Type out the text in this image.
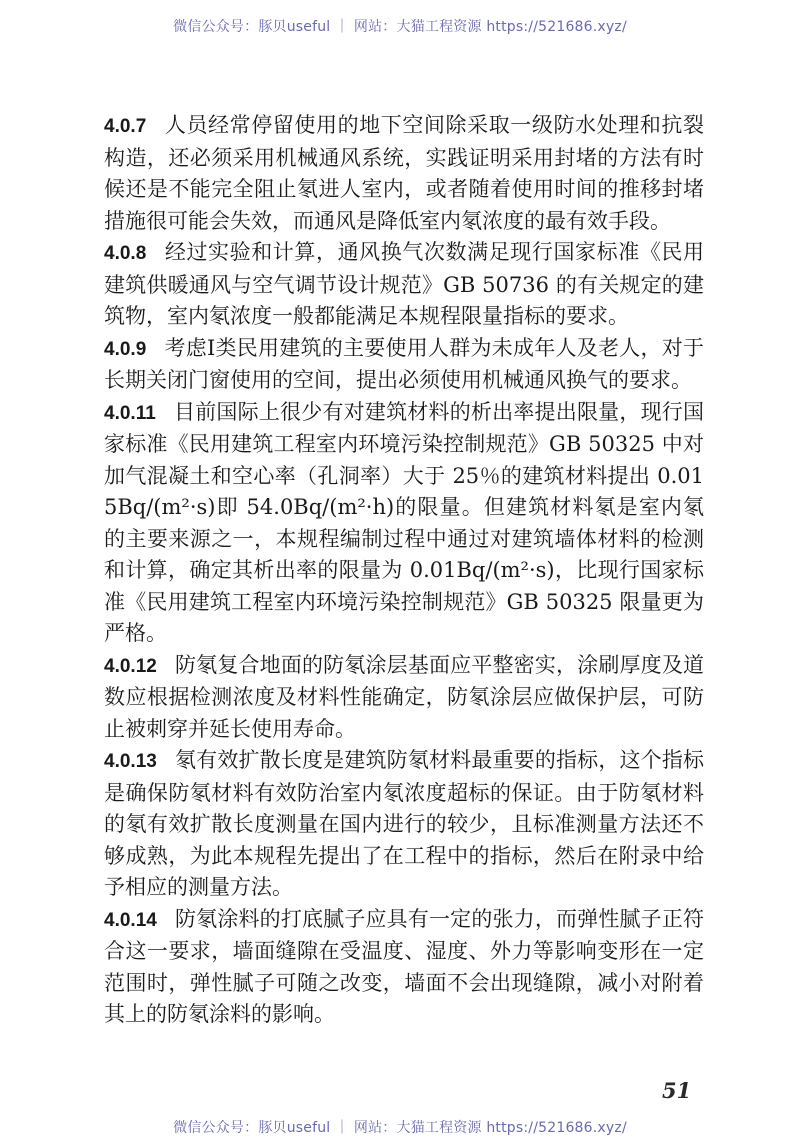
微信公众号：豚贝useful ｜ 网站：大猫工程资源 https://521686.xyz/

4.0.7 人员经常停留使用的地下空间除采取一级防水处理和抗裂构造，还必须采用机械通风系统，实践证明采用封堵的方法有时候还是不能完全阻止氡进人室内，或者随着使用时间的推移封堵措施很可能会失效，而通风是降低室内氡浓度的最有效手段。

4.0.8 经过实验和计算，通风换气次数满足现行国家标准《民用建筑供暖通风与空气调节设计规范》GB 50736 的有关规定的建筑物，室内氡浓度一般都能满足本规程限量指标的要求。

4.0.9 考虑Ⅰ类民用建筑的主要使用人群为未成年人及老人，对于长期关闭门窗使用的空间，提出必须使用机械通风换气的要求。

4.0.11 目前国际上很少有对建筑材料的析出率提出限量，现行国家标准《民用建筑工程室内环境污染控制规范》GB 50325 中对加气混凝土和空心率（孔洞率）大于 25％的建筑材料提出 0.015Bq/(m²·s)即 54.0Bq/(m²·h)的限量。但建筑材料氡是室内氡的主要来源之一，本规程编制过程中通过对建筑墙体材料的检测和计算，确定其析出率的限量为 0.01Bq/(m²·s)，比现行国家标准《民用建筑工程室内环境污染控制规范》GB 50325 限量更为严格。

4.0.12 防氡复合地面的防氡涂层基面应平整密实，涂刷厚度及道数应根据检测浓度及材料性能确定，防氡涂层应做保护层，可防止被刺穿并延长使用寿命。

4.0.13 氡有效扩散长度是建筑防氡材料最重要的指标，这个指标是确保防氡材料有效防治室内氡浓度超标的保证。由于防氡材料的氡有效扩散长度测量在国内进行的较少，且标准测量方法还不够成熟，为此本规程先提出了在工程中的指标，然后在附录中给予相应的测量方法。

4.0.14 防氡涂料的打底腻子应具有一定的张力，而弹性腻子正符合这一要求，墙面缝隙在受温度、湿度、外力等影响变形在一定范围时，弹性腻子可随之改变，墙面不会出现缝隙，减小对附着其上的防氡涂料的影响。

51
微信公众号：豚贝useful ｜ 网站：大猫工程资源 https://521686.xyz/
